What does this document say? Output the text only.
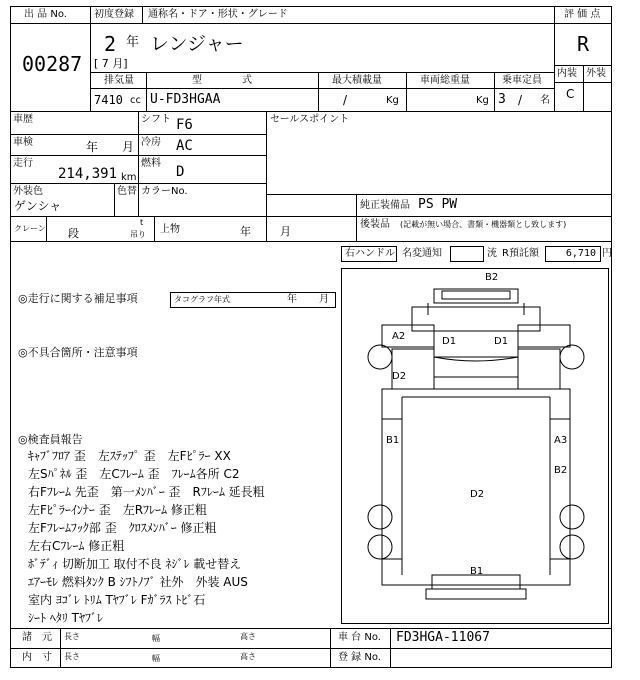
出 品 No.
00287
初度登録
2 年
[ 7 月]
通称名・ドア・形状・グレード
レンジャー
評 価 点
R
内装 外装
C
排気量
7410 cc
型　　　　式
U-FD3HGAA
最大積載量
/	Kg
車両総重量
Kg
乗車定員
3 / 名
車歴	シフト F6
車検	年 月 冷房 AC
走行
214,391 km
燃料
D
外装色
ゲンシャ
色替 カラーNo.
セールスポイント
純正装備品 PS PW
後装品 (記載が無い場合、書類・機器類とし致します)
クレーン 段
t
吊り 上物	年	月
右ハンドル 名変通知	㳘 R預託額	6,710 円
◎走行に関する補足事項	タコグラフ年式	年 月
◎不具合箇所・注意事項
◎検査員報告
ｷｬﾌﾞﾌﾛｱ 歪　左ｽﾃｯﾌﾟ 歪　左Fﾋﾟﾗｰ XX
左Sﾊﾟﾈﾙ 歪　左Cﾌﾚｰﾑ 歪　ﾌﾚｰﾑ各所 C2
右Fﾌﾚｰﾑ 先歪　第一ﾒﾝﾊﾞｰ 歪　Rﾌﾚｰﾑ 延長粗
左Fﾋﾟﾗｰｲﾝﾅｰ 歪　左Rﾌﾚｰﾑ 修正粗
左Fﾌﾚｰﾑﾌｯｸ部 歪　ｸﾛｽﾒﾝﾊﾞｰ 修正粗
左右Cﾌﾚｰﾑ 修正粗
ﾎﾞﾃﾞｨ 切断加工 取付不良 ﾈｼﾞﾚ 載せ替え
ｴｱｰﾓﾚ 燃料ﾀﾝｸ B ｼﾌﾄﾉﾌﾞ 社外　外装 AUS
室内 ﾖｺﾞﾚ ﾄﾘﾑ Tﾔﾌﾞﾚ Fｶﾞﾗｽ ﾄﾋﾞ石
ｼｰﾄ ﾍﾀﾘ Tﾔﾌﾞﾚ
B2
A2	D1	D1
D2
B1	A3
B2
D2
B1
諸　元
内　寸
長さ	幅	高さ
長さ	幅	高さ
車 台 No. FD3HGA-11067
登 録 No.
